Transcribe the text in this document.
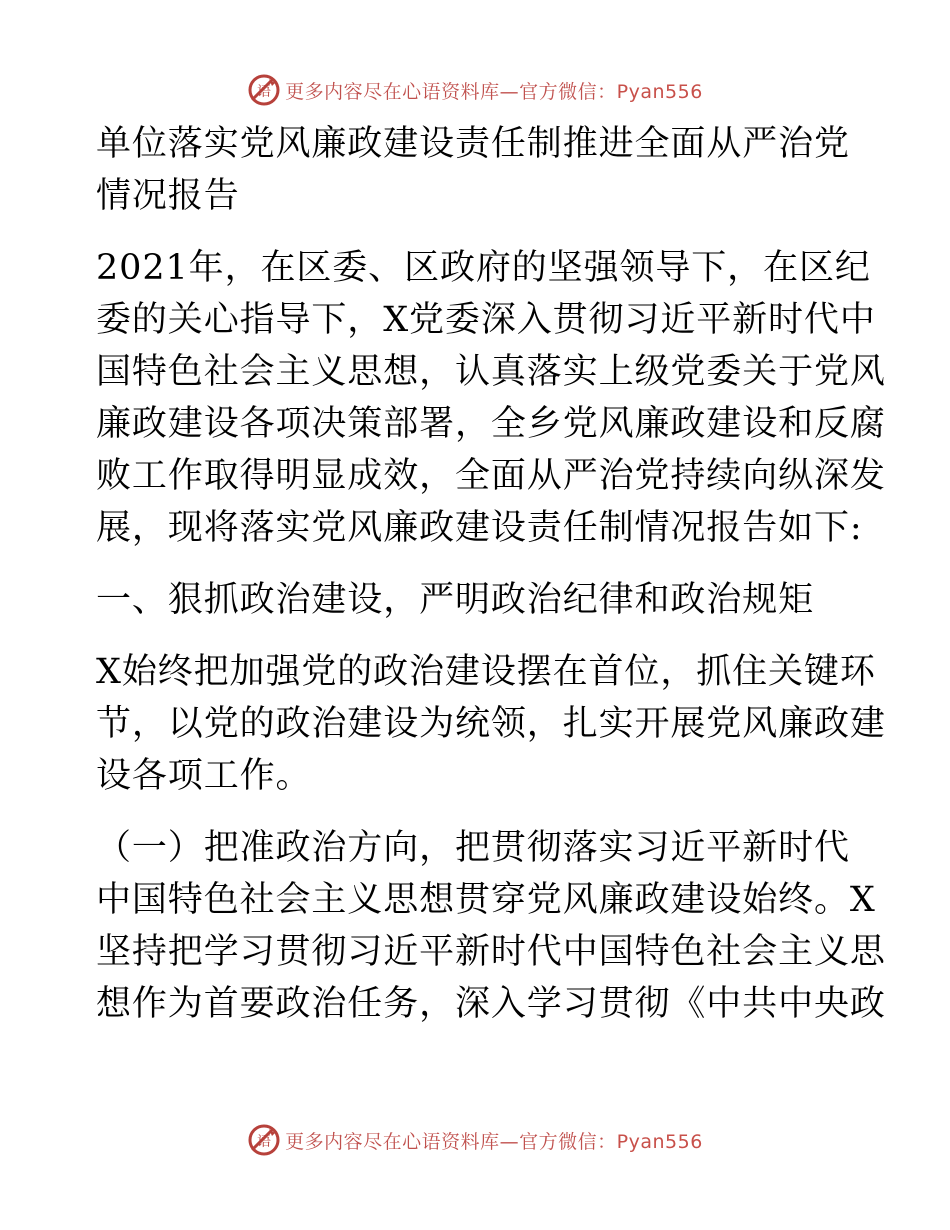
语 更多内容尽在心语资料库—官方微信：Pyan556
单位落实党风廉政建设责任制推进全面从严治党
情况报告
2021年，在区委、区政府的坚强领导下，在区纪
委的关心指导下，X党委深入贯彻习近平新时代中
国特色社会主义思想，认真落实上级党委关于党风
廉政建设各项决策部署，全乡党风廉政建设和反腐
败工作取得明显成效，全面从严治党持续向纵深发
展，现将落实党风廉政建设责任制情况报告如下:
一、狠抓政治建设，严明政治纪律和政治规矩
X始终把加强党的政治建设摆在首位，抓住关键环
节，以党的政治建设为统领，扎实开展党风廉政建
设各项工作。
（一）把准政治方向，把贯彻落实习近平新时代
中国特色社会主义思想贯穿党风廉政建设始终。X
坚持把学习贯彻习近平新时代中国特色社会主义思
想作为首要政治任务，深入学习贯彻《中共中央政
语 更多内容尽在心语资料库—官方微信：Pyan556
